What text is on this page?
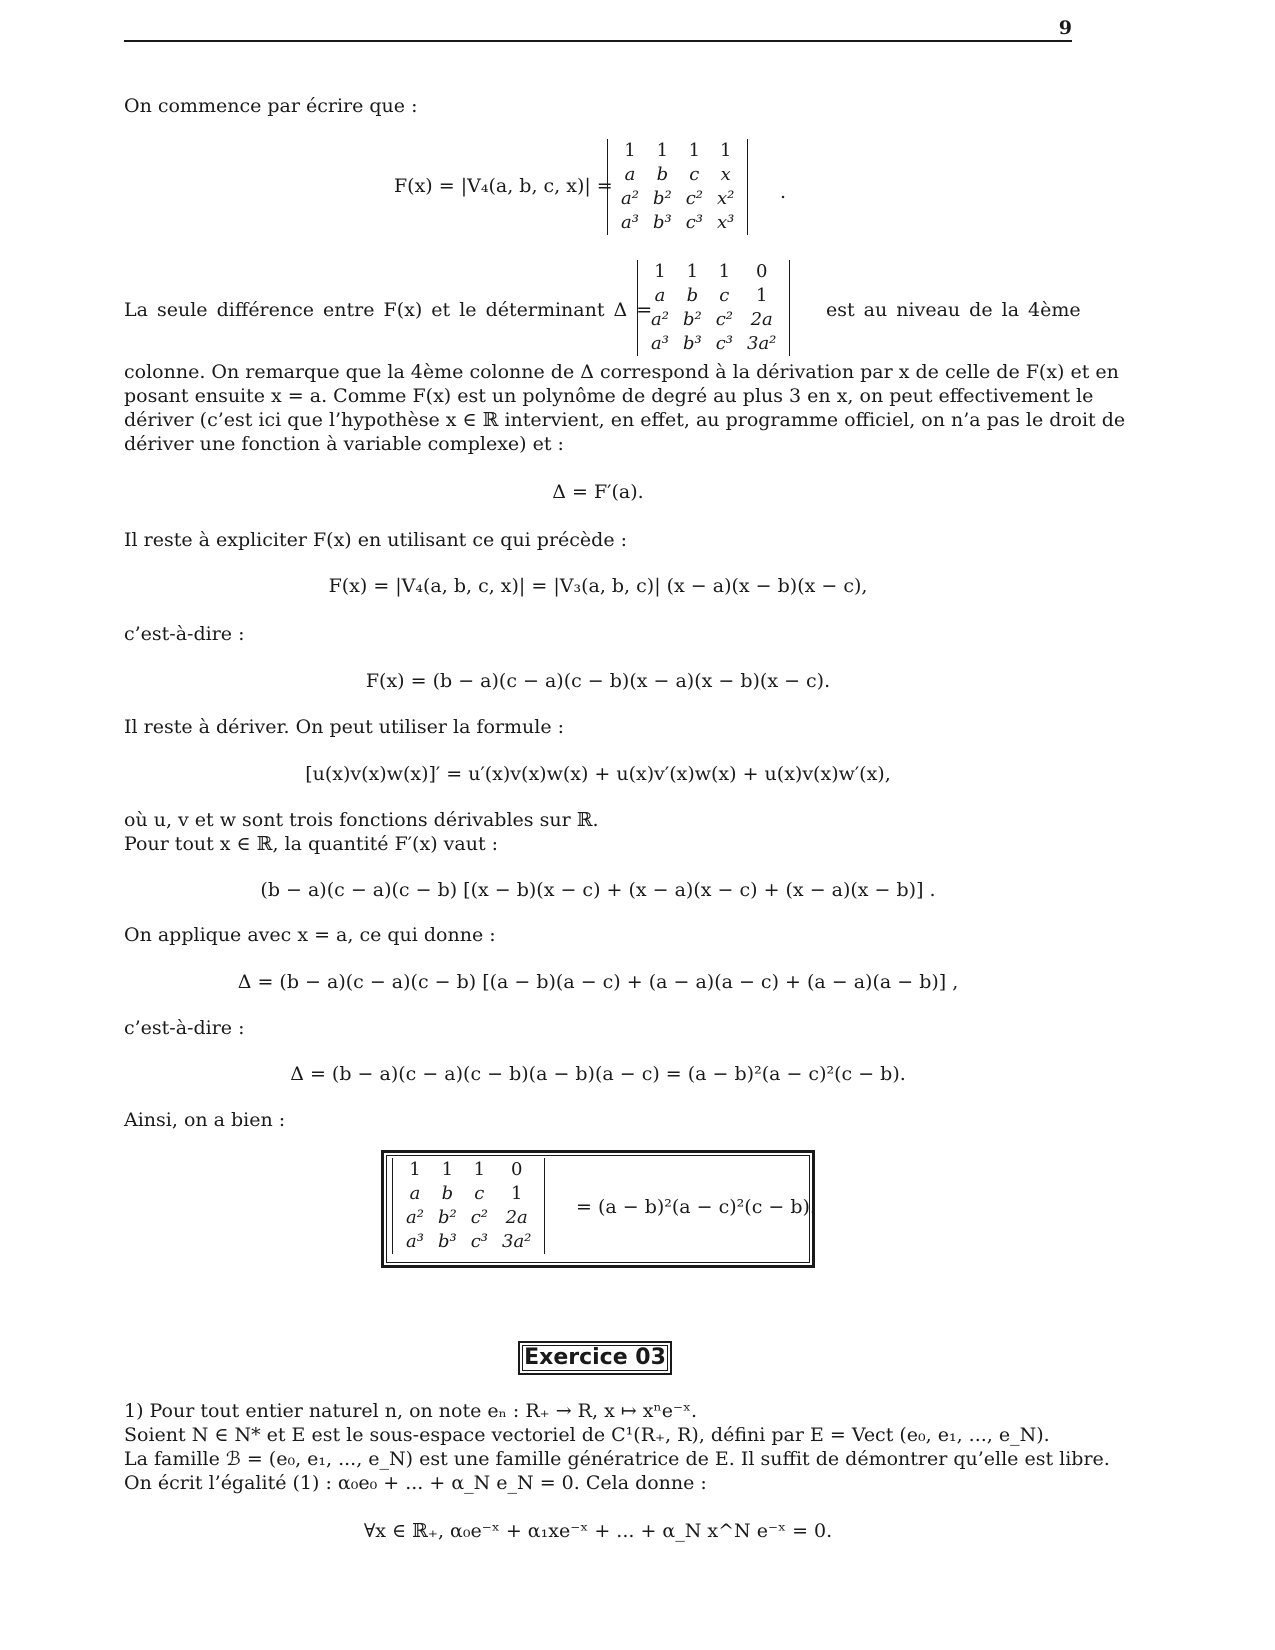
9
On commence par écrire que :
F(x) = |V₄(a, b, c, x)| =
1	1	1	1
a	b	c	x
a²	b²	c²	x²
a³	b³	c³	x³
.
La seule différence entre F(x) et le déterminant Δ =
1	1	1	0
a	b	c	1
a²	b²	c²	2a
a³	b³	c³	3a²
est au niveau de la 4ème
colonne. On remarque que la 4ème colonne de Δ correspond à la dérivation par x de celle de F(x) et en
posant ensuite x = a. Comme F(x) est un polynôme de degré au plus 3 en x, on peut effectivement le
dériver (c’est ici que l’hypothèse x ∈ ℝ intervient, en effet, au programme officiel, on n’a pas le droit de
dériver une fonction à variable complexe) et :
Δ = F′(a).
Il reste à expliciter F(x) en utilisant ce qui précède :
F(x) = |V₄(a, b, c, x)| = |V₃(a, b, c)| (x − a)(x − b)(x − c),
c’est-à-dire :
F(x) = (b − a)(c − a)(c − b)(x − a)(x − b)(x − c).
Il reste à dériver. On peut utiliser la formule :
[u(x)v(x)w(x)]′ = u′(x)v(x)w(x) + u(x)v′(x)w(x) + u(x)v(x)w′(x),
où u, v et w sont trois fonctions dérivables sur ℝ.
Pour tout x ∈ ℝ, la quantité F′(x) vaut :
(b − a)(c − a)(c − b) [(x − b)(x − c) + (x − a)(x − c) + (x − a)(x − b)] .
On applique avec x = a, ce qui donne :
Δ = (b − a)(c − a)(c − b) [(a − b)(a − c) + (a − a)(a − c) + (a − a)(a − b)] ,
c’est-à-dire :
Δ = (b − a)(c − a)(c − b)(a − b)(a − c) = (a − b)²(a − c)²(c − b).
Ainsi, on a bien :
1	1	1	0
a	b	c	1
a²	b²	c²	2a
a³	b³	c³	3a²
= (a − b)²(a − c)²(c − b).
Exercice 03
1) Pour tout entier naturel n, on note eₙ : R₊ → R, x ↦ xⁿe⁻ˣ.
Soient N ∈ N* et E est le sous-espace vectoriel de C¹(R₊, R), défini par E = Vect (e₀, e₁, ..., e_N).
La famille ℬ = (e₀, e₁, ..., e_N) est une famille génératrice de E. Il suffit de démontrer qu’elle est libre.
On écrit l’égalité (1) : α₀e₀ + ... + α_N e_N = 0. Cela donne :
∀x ∈ ℝ₊, α₀e⁻ˣ + α₁xe⁻ˣ + ... + α_N x^N e⁻ˣ = 0.
